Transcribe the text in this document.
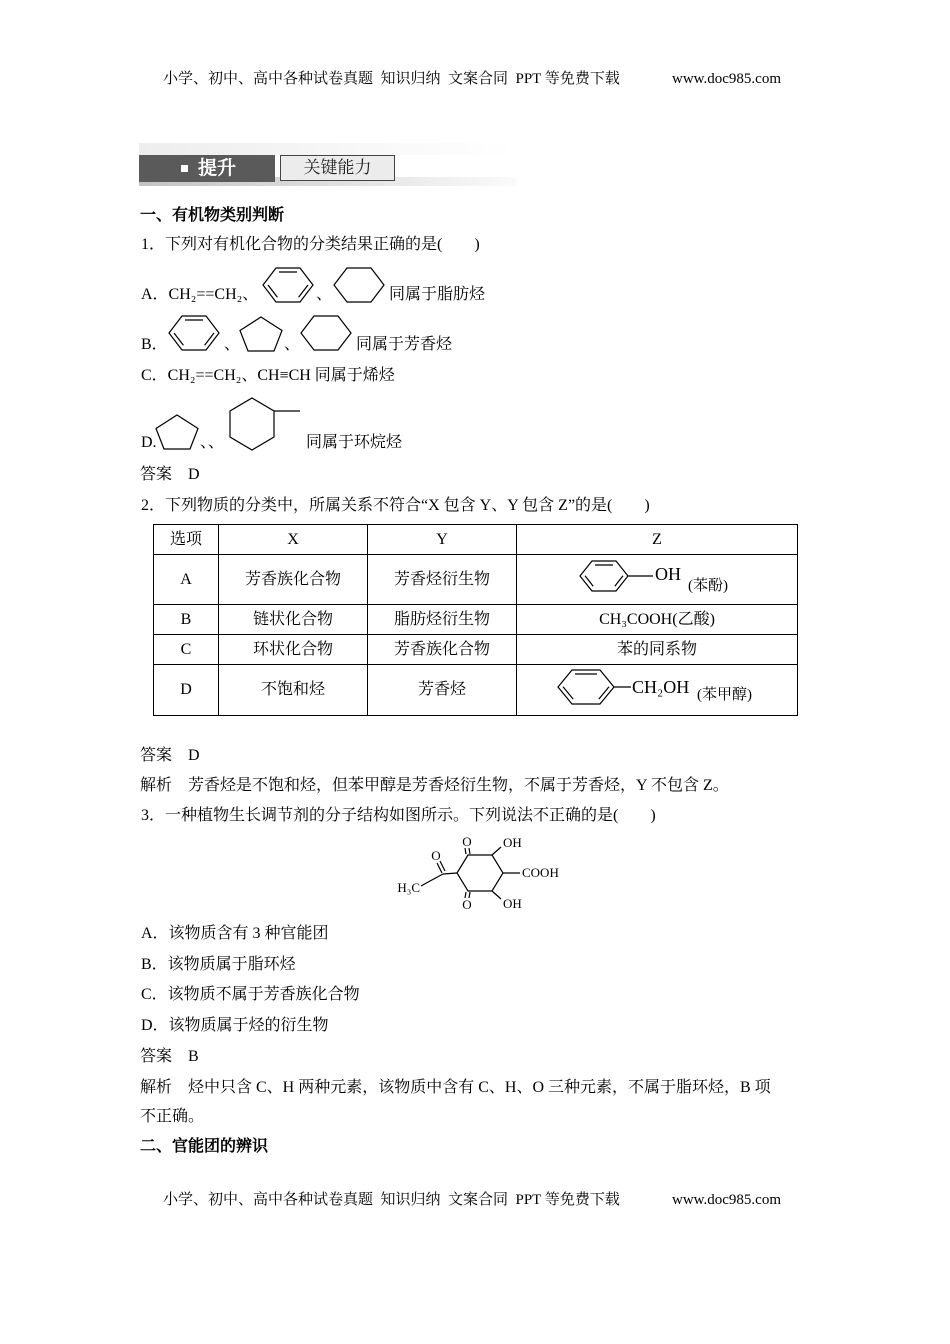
小学、初中、高中各种试卷真题  知识归纳  文案合同  PPT 等免费下载	www.doc985.com
提升	关键能力
一、有机物类别判断
1．下列对有机化合物的分类结果正确的是(　　)
A．CH₂==CH₂、	、	同属于脂肪烃
B．	、	、	同属于芳香烃
C．CH₂==CH₂、CH≡CH 同属于烯烃
D.	、、	同属于环烷烃
答案　D
2．下列物质的分类中，所属关系不符合“X 包含 Y、Y 包含 Z”的是(　　)
选项	X	Y	Z
A	芳香族化合物	芳香烃衍生物	OH
(苯酚)

B	链状化合物	脂肪烃衍生物	CH₃COOH(乙酸)
C	环状化合物	芳香族化合物	苯的同系物
D	不饱和烃	芳香烃	CH₂OH (苯甲醇)
答案　D
解析　芳香烃是不饱和烃，但苯甲醇是芳香烃衍生物，不属于芳香烃，Y 不包含 Z。
3．一种植物生长调节剂的分子结构如图所示。下列说法不正确的是(　　)
O OH
COOH
OH
O
O
H₃C
A．该物质含有 3 种官能团
B．该物质属于脂环烃
C．该物质不属于芳香族化合物
D．该物质属于烃的衍生物
答案　B
解析　烃中只含 C、H 两种元素，该物质中含有 C、H、O 三种元素，不属于脂环烃，B 项
不正确。
二、官能团的辨识
小学、初中、高中各种试卷真题  知识归纳  文案合同  PPT 等免费下载	www.doc985.com
